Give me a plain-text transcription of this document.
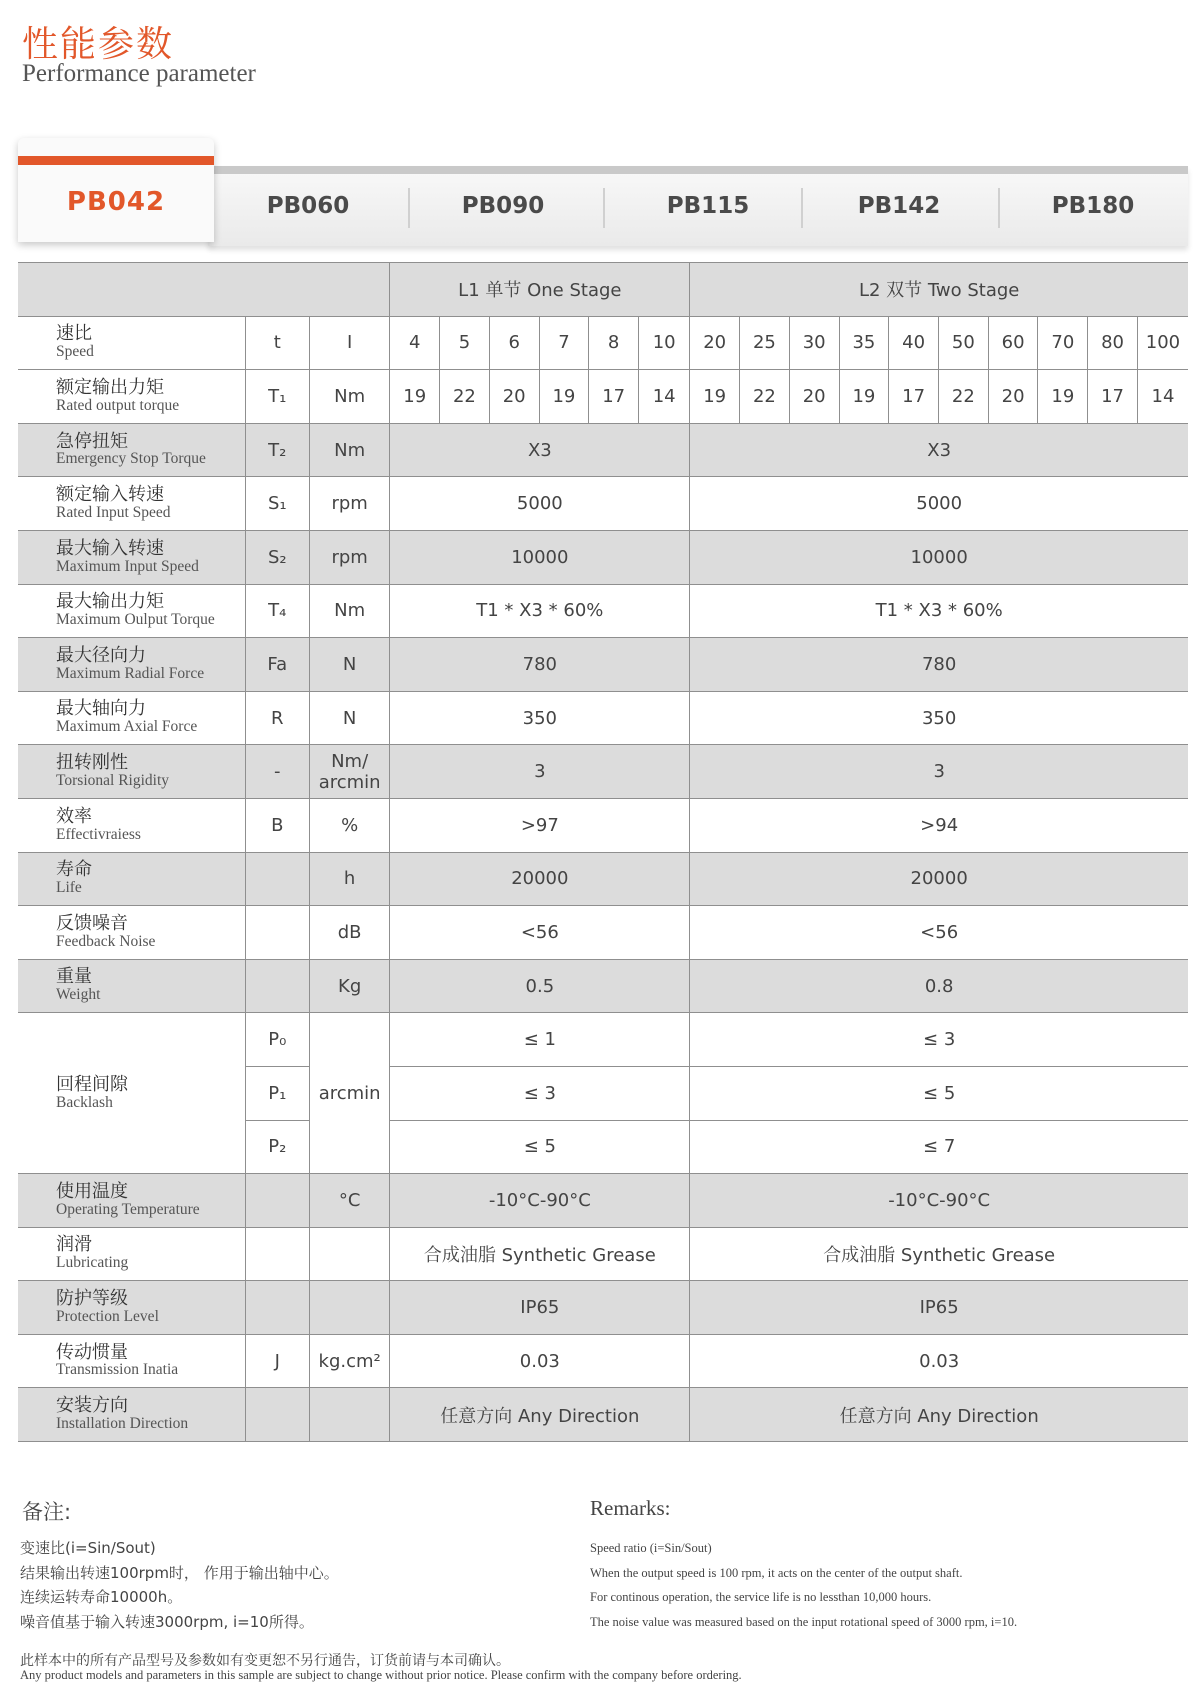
性能参数
Performance parameter
PB042	PB060	PB090	PB115	PB142	PB180
			L1 单节 One Stage						L2 双节 Two Stage									

速比
Speed	t	I	4	5	6	7	8	10	20	25	30	35	40	50	60	70	80	100

额定输出力矩
Rated output torque	T₁	Nm	19	22	20	19	17	14	19	22	20	19	17	22	20	19	17	14

急停扭矩
Emergency Stop Torque	T₂	Nm	X3						X3									

额定输入转速
Rated Input Speed	S₁	rpm	5000						5000									

最大输入转速
Maximum Input Speed	S₂	rpm	10000						10000									

最大输出力矩
Maximum Oulput Torque	T₄	Nm	T1 * X3 * 60%						T1 * X3 * 60%									

最大径向力
Maximum Radial Force	Fa	N	780						780									

最大轴向力
Maximum Axial Force	R	N	350						350									

扭转刚性
Torsional Rigidity	-	Nm/ arcmin	3						3									

效率
Effectivraiess	B	%	>97						>94									

寿命
Life		h	20000						20000									

反馈噪音
Feedback Noise		dB	<56						<56									

重量
Weight		Kg	0.5						0.8									

回程间隙
Backlash	P₀	arcmin	≤ 1						≤ 3									
	P₁		≤ 3						≤ 5									
	P₂		≤ 5						≤ 7									

使用温度
Operating Temperature		°C	-10°C-90°C						-10°C-90°C									

润滑
Lubricating			合成油脂 Synthetic Grease						合成油脂 Synthetic Grease									

防护等级
Protection Level			IP65						IP65									

传动惯量
Transmission Inatia	J	kg.cm²	0.03						0.03									

安装方向
Installation Direction			任意方向 Any Direction						任意方向 Any Direction									
备注:
变速比(i=Sin/Sout)
结果输出转速100rpm时， 作用于输出轴中心。
连续运转寿命10000h。
噪音值基于输入转速3000rpm, i=10所得。
Remarks:
Speed ratio (i=Sin/Sout)
When the output speed is 100 rpm, it acts on the center of the output shaft.
For continous operation, the service life is no lessthan 10,000 hours.
The noise value was measured based on the input rotational speed of 3000 rpm, i=10.
此样本中的所有产品型号及参数如有变更恕不另行通告，订货前请与本司确认。
Any product models and parameters in this sample are subject to change without prior notice. Please confirm with the company before ordering.
